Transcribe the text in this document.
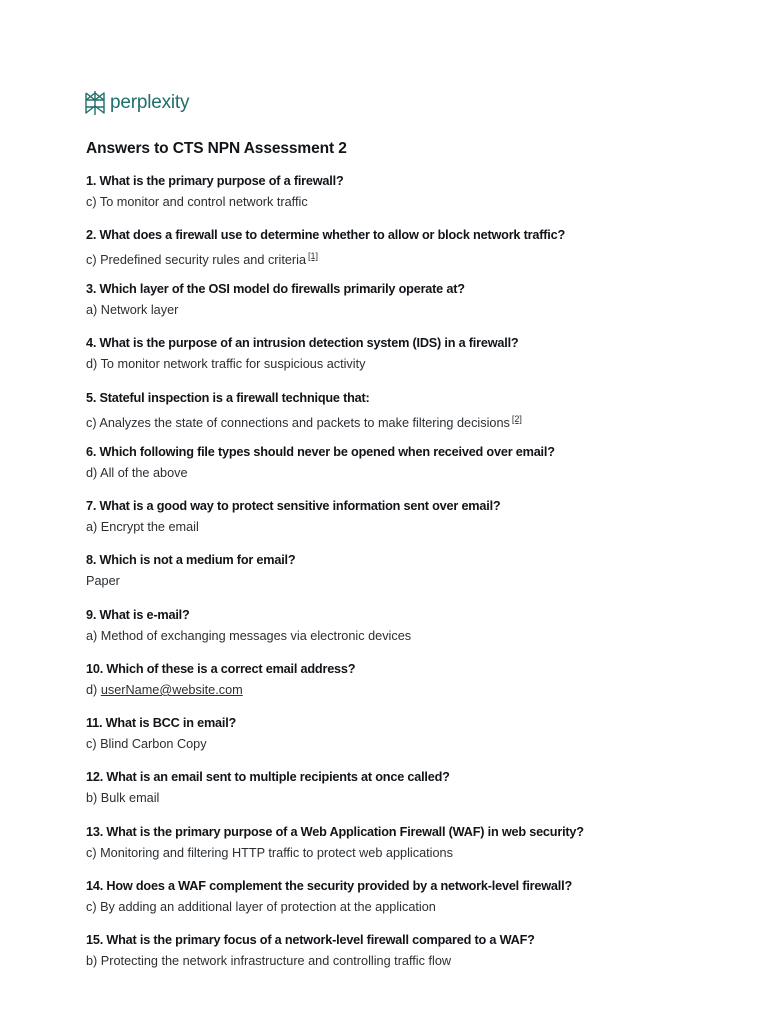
perplexity
Answers to CTS NPN Assessment 2

1. What is the primary purpose of a firewall?

c) To monitor and control network traffic

2. What does a firewall use to determine whether to allow or block network traffic?

c) Predefined security rules and criteria [1]

3. Which layer of the OSI model do firewalls primarily operate at?

a) Network layer

4. What is the purpose of an intrusion detection system (IDS) in a firewall?

d) To monitor network traffic for suspicious activity

5. Stateful inspection is a firewall technique that:

c) Analyzes the state of connections and packets to make filtering decisions [2]

6. Which following file types should never be opened when received over email?

d) All of the above

7. What is a good way to protect sensitive information sent over email?

a) Encrypt the email

8. Which is not a medium for email?

Paper

9. What is e-mail?

a) Method of exchanging messages via electronic devices

10. Which of these is a correct email address?

d) userName@website.com

11. What is BCC in email?

c) Blind Carbon Copy

12. What is an email sent to multiple recipients at once called?

b) Bulk email

13. What is the primary purpose of a Web Application Firewall (WAF) in web security?

c) Monitoring and filtering HTTP traffic to protect web applications

14. How does a WAF complement the security provided by a network-level firewall?

c) By adding an additional layer of protection at the application

15. What is the primary focus of a network-level firewall compared to a WAF?

b) Protecting the network infrastructure and controlling traffic flow
